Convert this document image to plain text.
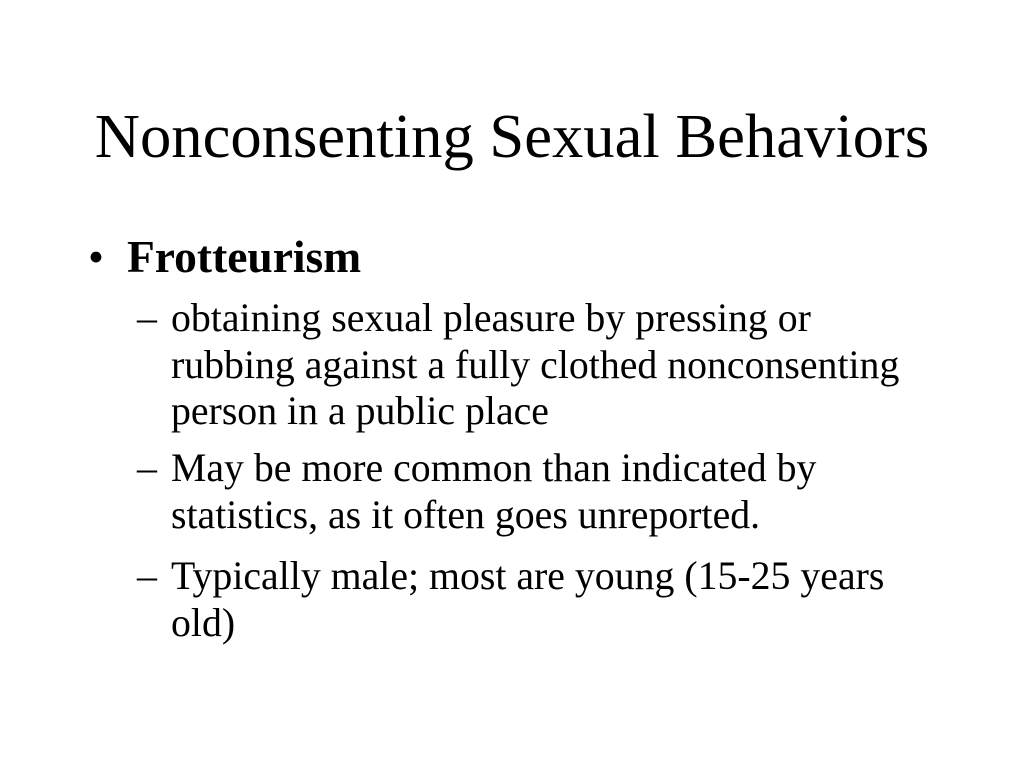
Nonconsenting Sexual Behaviors
• Frotteurism
– obtaining sexual pleasure by pressing or rubbing against a fully clothed nonconsenting person in a public place
– May be more common than indicated by statistics, as it often goes unreported.
– Typically male; most are young (15-25 years old)
